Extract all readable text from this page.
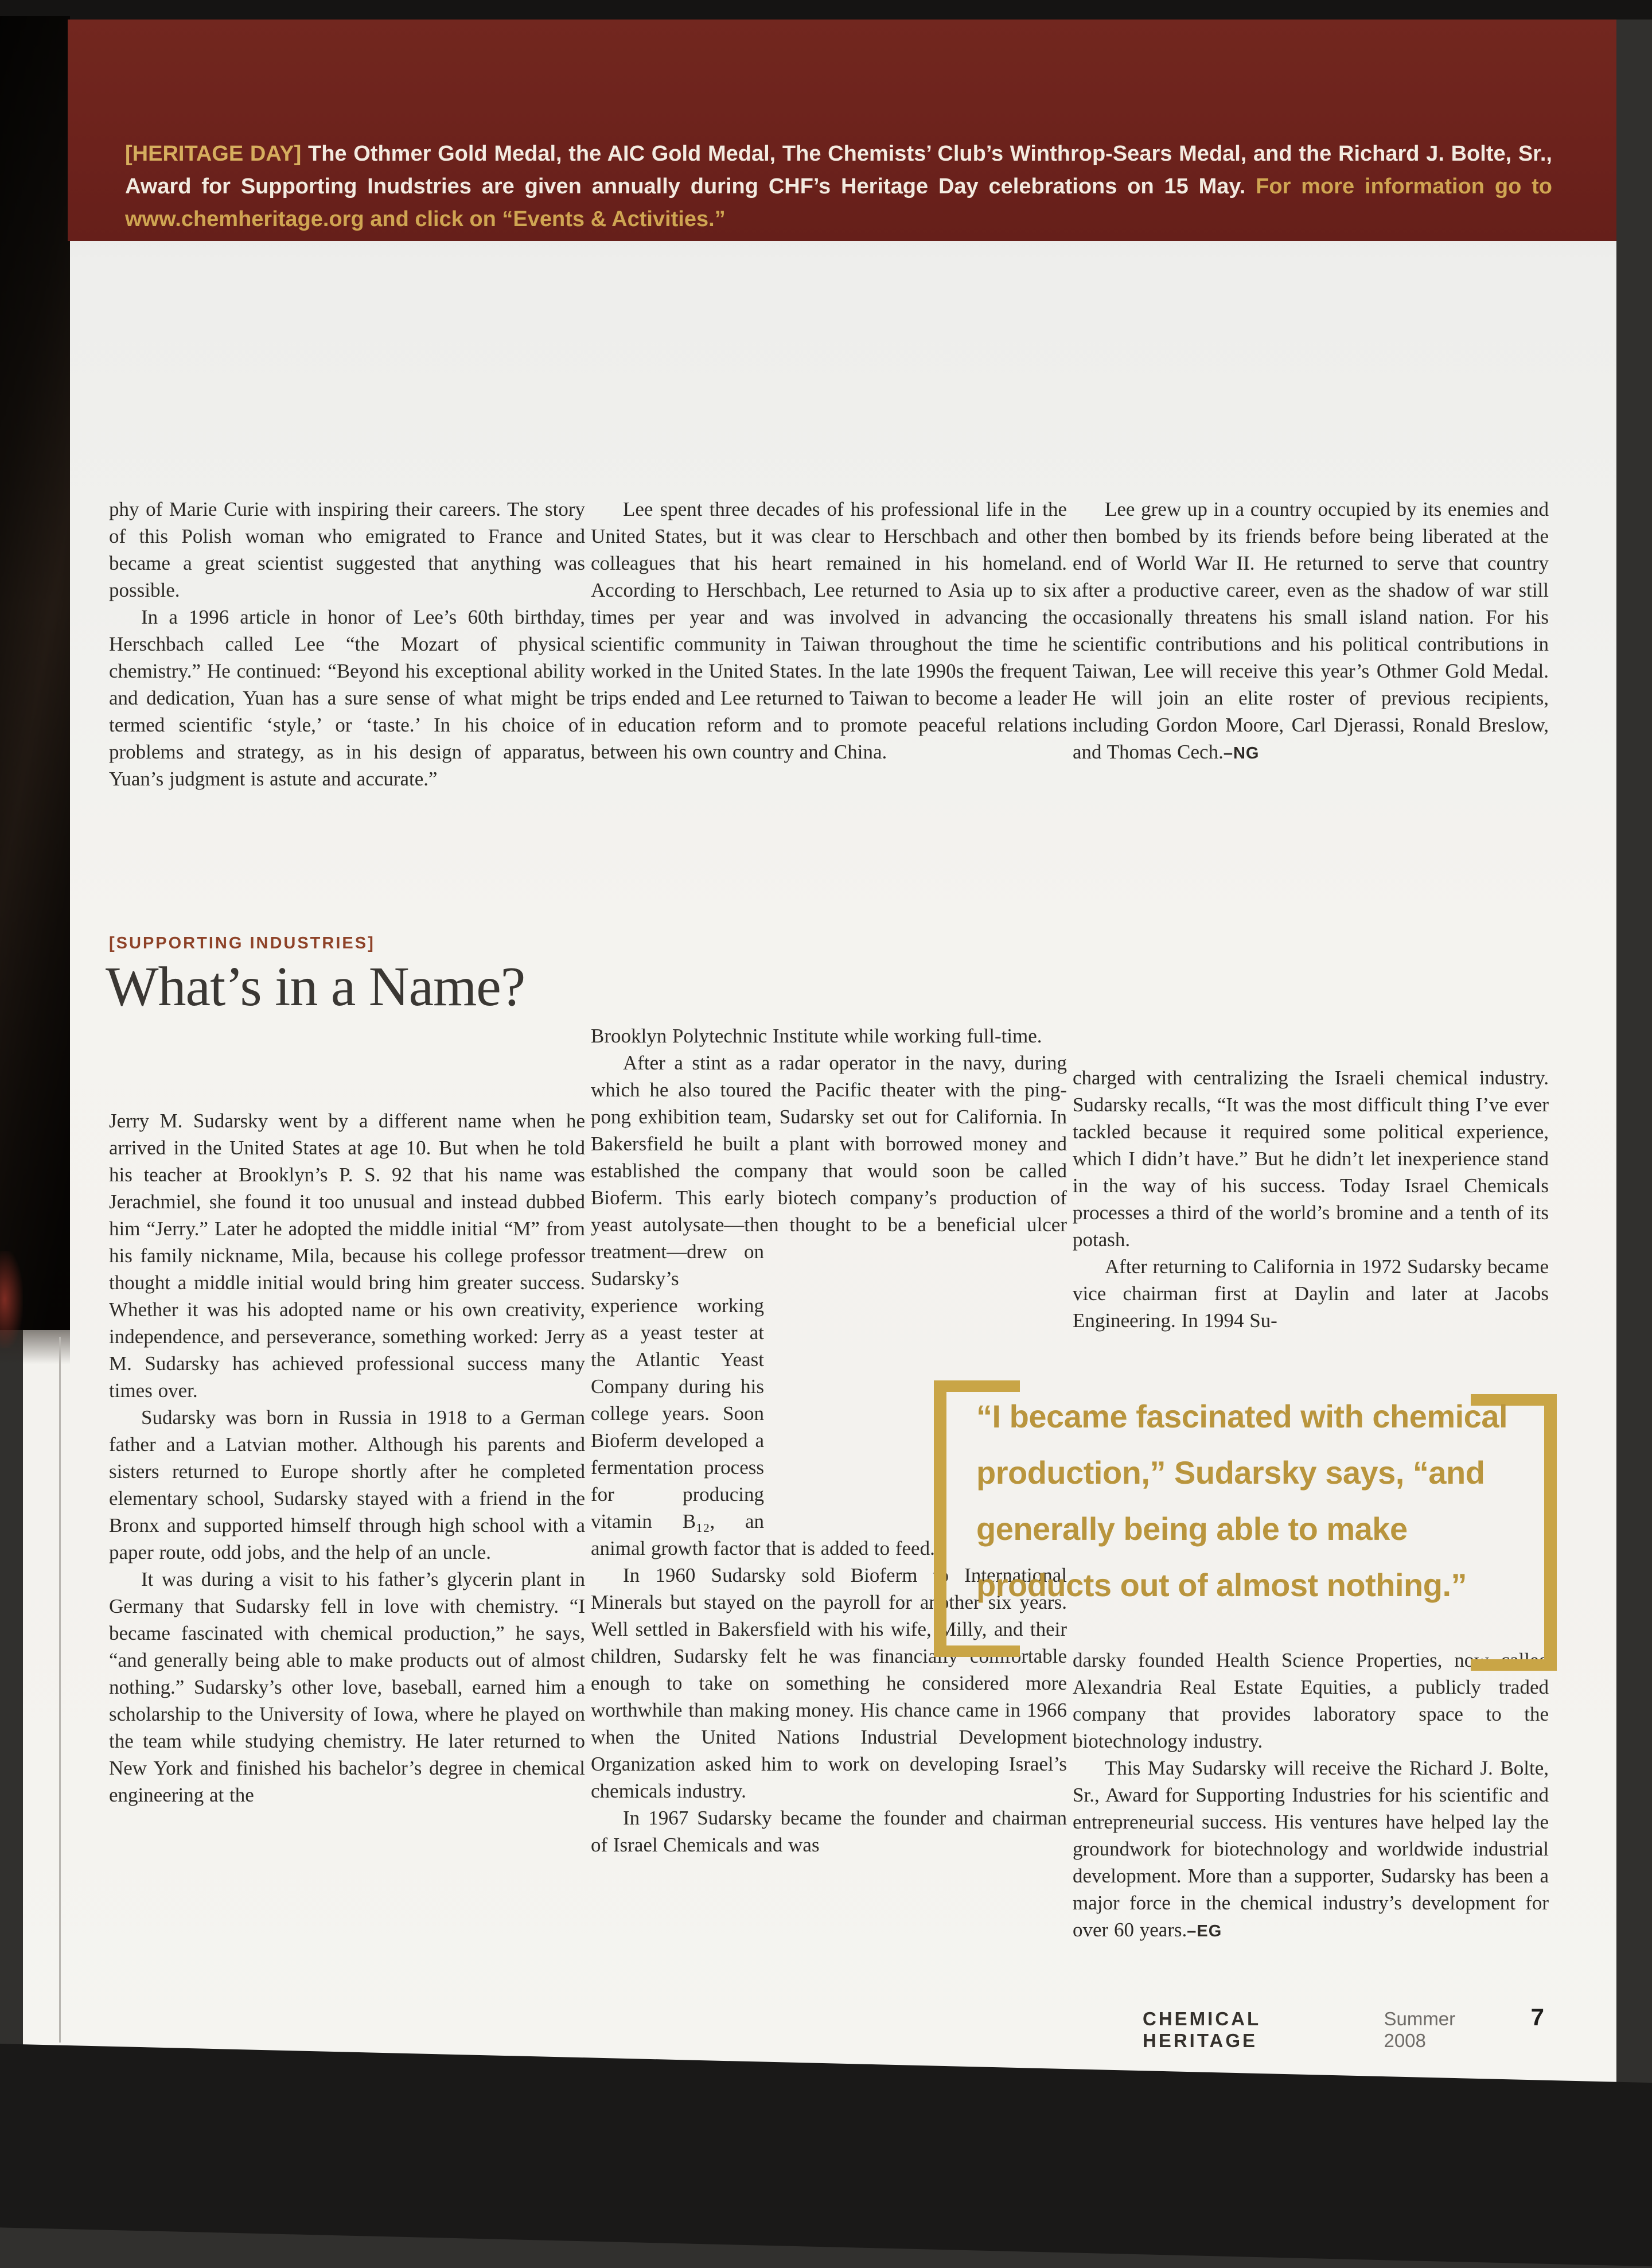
[HERITAGE DAY] The Othmer Gold Medal, the AIC Gold Medal, The Chemists’ Club’s Winthrop-Sears Medal, and the Richard J. Bolte, Sr., Award for Supporting Inudstries are given annually during CHF’s Heritage Day celebrations on 15 May. For more information go to www.chemheritage.org and click on “Events & Activities.”

phy of Marie Curie with inspiring their careers. The story of this Polish woman who emigrated to France and became a great scientist suggested that anything was possible.

In a 1996 article in honor of Lee’s 60th birthday, Herschbach called Lee “the Mozart of physical chemistry.” He continued: “Beyond his exceptional ability and dedication, Yuan has a sure sense of what might be termed scientific ‘style,’ or ‘taste.’ In his choice of problems and strategy, as in his design of apparatus, Yuan’s judgment is astute and accurate.”

Lee spent three decades of his professional life in the United States, but it was clear to Herschbach and other colleagues that his heart remained in his homeland. According to Herschbach, Lee returned to Asia up to six times per year and was involved in advancing the scientific community in Taiwan throughout the time he worked in the United States. In the late 1990s the frequent trips ended and Lee returned to Taiwan to become a leader in education reform and to promote peaceful relations between his own country and China.

Lee grew up in a country occupied by its enemies and then bombed by its friends before being liberated at the end of World War II. He returned to serve that country after a productive career, even as the shadow of war still occasionally threatens his small island nation. For his scientific contributions and his political contributions in Taiwan, Lee will receive this year’s Othmer Gold Medal. He will join an elite roster of previous recipients, including Gordon Moore, Carl Djerassi, Ronald Breslow, and Thomas Cech.–NG

[SUPPORTING INDUSTRIES]
What’s in a Name?

Jerry M. Sudarsky went by a different name when he arrived in the United States at age 10. But when he told his teacher at Brooklyn’s P. S. 92 that his name was Jerachmiel, she found it too unusual and instead dubbed him “Jerry.” Later he adopted the middle initial “M” from his family nickname, Mila, because his college professor thought a middle initial would bring him greater success. Whether it was his adopted name or his own creativity, independence, and perseverance, something worked: Jerry M. Sudarsky has achieved professional success many times over.

Sudarsky was born in Russia in 1918 to a German father and a Latvian mother. Although his parents and sisters returned to Europe shortly after he completed elementary school, Sudarsky stayed with a friend in the Bronx and supported himself through high school with a paper route, odd jobs, and the help of an uncle.

It was during a visit to his father’s glycerin plant in Germany that Sudarsky fell in love with chemistry. “I became fascinated with chemical production,” he says, “and generally being able to make products out of almost nothing.” Sudarsky’s other love, baseball, earned him a scholarship to the University of Iowa, where he played on the team while studying chemistry. He later returned to New York and finished his bachelor’s degree in chemical engineering at the

Brooklyn Polytechnic Institute while working full-time.

After a stint as a radar operator in the navy, during which he also toured the Pacific theater with the ping-pong exhibition team, Sudarsky set out for California. In Bakersfield he built a plant with borrowed money and established the company that would soon be called Bioferm. This early biotech company’s production of yeast autolysate—then thought to be a beneficial
ulcer treatment—drew on Sudarsky’s experience working as a yeast tester at the Atlantic Yeast Company during his college years. Soon Bioferm developed a fermentation process for producing vitamin B₁₂, an animal growth factor that is added to feed.

In 1960 Sudarsky sold Bioferm to International Minerals but stayed on the payroll for another six years. Well settled in Bakersfield with his wife, Milly, and their children, Sudarsky felt he was financially comfortable enough to take on something he considered more worthwhile than making money. His chance came in 1966 when the United Nations Industrial Development Organization asked him to work on developing Israel’s chemicals industry.

In 1967 Sudarsky became the founder and chairman of Israel Chemicals and was

charged with centralizing the Israeli chemical industry. Sudarsky recalls, “It was the most difficult thing I’ve ever tackled because it required some political experience, which I didn’t have.” But he didn’t let inexperience stand in the way of his success. Today Israel Chemicals processes a third of the world’s bromine and a tenth of its potash.

After returning to California in 1972 Sudarsky became vice chairman first at Daylin and later at Jacobs Engineering. In 1994 Su-

darsky founded Health Science Properties, now called Alexandria Real Estate Equities, a publicly traded company that provides laboratory space to the biotechnology industry.

This May Sudarsky will receive the Richard J. Bolte, Sr., Award for Supporting Industries for his scientific and entrepreneurial success. His ventures have helped lay the groundwork for biotechnology and worldwide industrial development. More than a supporter, Sudarsky has been a major force in the chemical industry’s development for over 60 years.–EG

“I became fascinated with chemical
production,” Sudarsky says, “and
generally being able to make
products out of almost nothing.”
CHEMICAL HERITAGE
Summer 2008
7
